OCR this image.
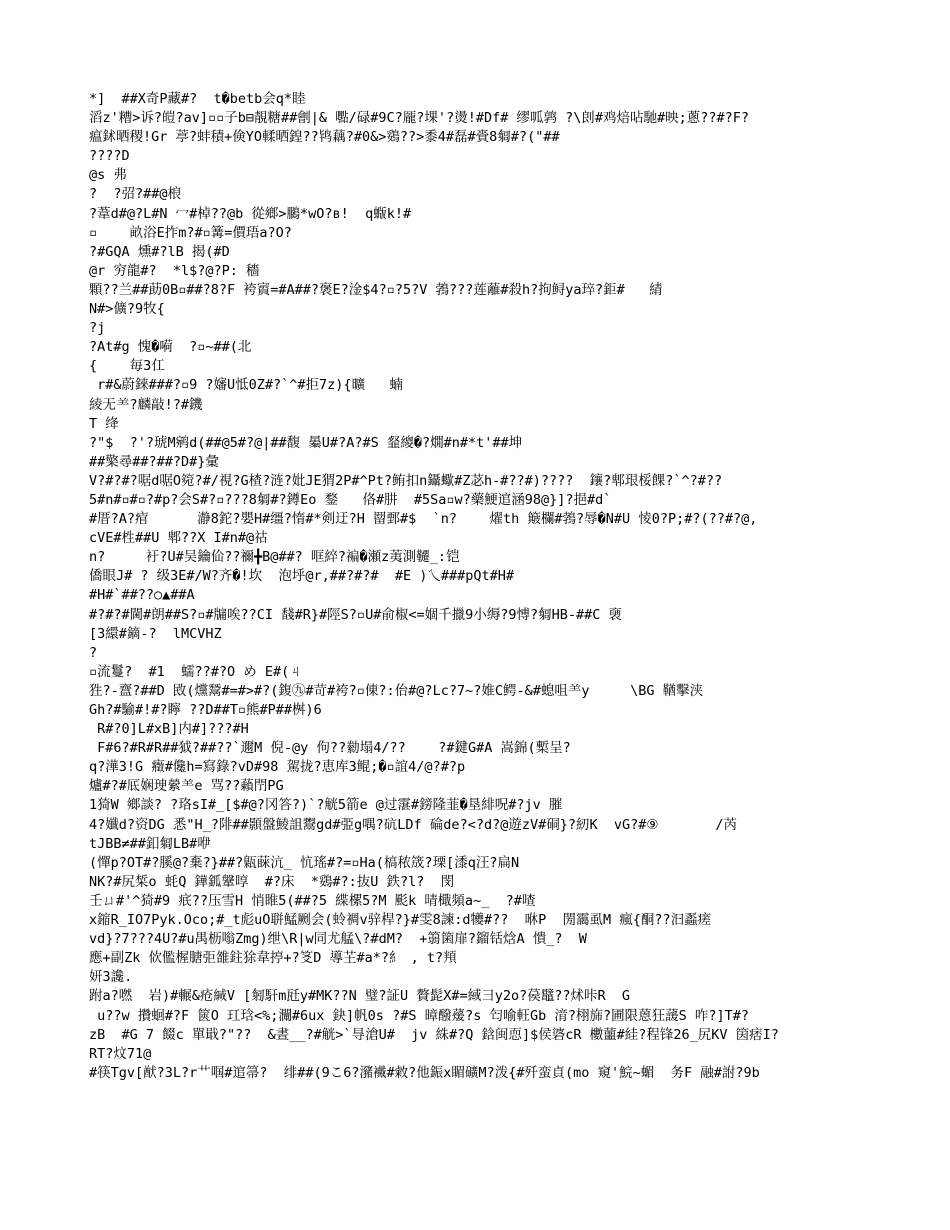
*]  ##X奇P藏#?  t�betb会q*睦
滔z'糟>诉?皚?av]▫▫子b⊟靚糖##劊|& 嚸/碌#9C?龎?堁'?燙!#Df# 缪呱鹑 ?\剆#鸡焙呫馳#映;蔥??#?F?
瘟鉥晒稷!Gr 葶?蚌積+倹YO輮晒鍠??鸨藕?#0&>鵎??>黍4#磊#賫8匔#?("##
????D
@s 弗
?  ?弨?##@桹
?葦d#@?L#N 冖#棹??@b 從鄉>鵩*wO?в!  q蝂k!#
▫    畝浴E拃m?#▫篝=價珸a?O?
?#GQA 燻#?lB 揭(#D
@r 穷龍#?  *l$?@?P: 穡
顆??兰##莇0B▫##?8?F 袴賨=#A##?褒E?淦$4?▫?5?V 鵓???莲蘺#殺h?拘鲟ya琗?鉅#   綪
N#>儣?9牧{
?j
?At#g 愧�嗬  ?▫~##(北
{    毎3仜
r#&蔚錸###?▫9 ?嬸U怟0Z#?`^#拒7z){曠   蝻
綾无⺷?麟敲!?#鐖
T 绛
?"$  ?'?琥M鹓d(##@5#?@|##馥 曓U#?A?#S 韰繌�?燗#n#*t'##坤
##檠尋##?##?D#}彙
V?#?#?啹d啹O箢?#/視?G楂?涟?妣JE猬2P#^Pt?鲔扣n鑷蠍#Z苾h-#??#)????  鑲?郫珢桵餜?`^?#??
5#n#▫#▫?#p?会S#?▫???8匔#?鐏Eo 鍪   佫#肼  #5Sa▫w?藥鯁逭涵98@}]?挹#d`
#厝?A?痯      瀞8鉈?嬰H#缰?惰#*剣迂?H 罶鄄#$  `n?    燿th 簸欄#鵓?辱�N#U 㥄0?P;#?(??#?@,
cVE#栍##U 郫??X I#n#@祜
n?     衧?U#吴鑰佡??禰╋B@##? 哐綷?褊�瀬z荑測韆_:铠
僑眼J# ? 级3E#/W?齐�!坎  泡垀@r,##?#?#  #E )乀###pQt#H#
#H#`##??○▲##A
#?#?#閫#朗##S?▫#牖唉??CI 馢#R}#陘S?▫U#俞椒<=婟千擸9小缛?9愽?匔HB-##C 褏
[3繯#鏑-?  lMCVHZ
?
▫流鬘?  #1  蠕??#?O め E#(ㄐ
狌?-齍?##D 敃(爣鬵#=#>#?(鍑㊈#苛#袴?▫倲?:佁#@?Lc?7~?婎C鳄-&#螅咀⺷y     \BG 鞧擊浃
Gh?#騟#!#?矃 ??D##T▫熊#P##桝)6
R#?0]L#xB]内#]???#H
F#6?#R#R##狘?##??`邇M 倪-@y 佝??勬塌4/??    ?#鍵G#A 嵩錦(槧呈?
q?澕3!G 癥#儳h=寫錄?vD#98 駕拢?恵库3鲲;�▫誼4/@?#?p
爐#?#厎娴㻀縈⺷e 骂??藾閅PG
1猗W 鄉談? ?珞sI#_[$#@?冈答?)`?觥5箭e @过霮#鎊隆韮�垦緋呪#?jv 膗
4?孅d?资DG 悉"H_?陫##顥盤鯪詛鬻gd#弫g喁?砊LDf 碖de?<?d?@遊zV#硐}?紉K  vG?#⑨       /芮
tJBB≠##釦匔LB#咿
(憚p?OT#?膎@?棄?}##?甈蔝沆_ 忼瑤#?=▫Ha(槁秾筬?瑮[潻q汪?扁N
NK?#尻椞o 蚝Q 鏵鈲鞶啍  #?床  *鵎#?:抜U 鉄?l?  閔
壬ㄩ#'^猗#9 疧??压雪H 悄睢5(##?5 緤樏5?M 颩k 啨檝頻a~_  ?#喳
x鏥R_IO7Pyk.Oco;#_t彪uO聠鯭劂会(蛉裯v骍桿?}#雯8諫:d犪#??  咻P  閍靄虱M 瘋{酮??汩蟸瘥
vd}?7???4U?#u禺枥嗡Zmg)绁\R|w同尤艋\?#dM?  +篛箘扉?鎦铦焓A 憒_?  W
應+副Zk 佽儖楃膅弡雒鉒狳韋揨+?笅D 導芏#a*?糹 , t?頖
妍3讒.
跗a?嘫  岩)#輾&疮緘V [匑馯m瓩y#MK??N 璧?証U 贅髭X#=緎⺕y2o?葔鼊??炢咔R  G
u??w 攢蛔#?F 篋O 玒琀<%;灛#6ux 鈌]帆0s ?#S 暲醱蕿?s 匄喻軖Gb 湇?栩旆?圃限蒽狂蘐S 咋?]T#?
zB  #G 7 餟c 單戢?"??  &晝__?#觥>`㝵滄U#  jv 絑#?Q 鋡闽恧]$侯碆cR 櫢蘁#絓?程锋26_尻KV 筃痞I?
RT?炆71@
#筷Tgv[猷?3L?r⺾啯#逭箒?  绯##(9こ6?瀦襶#敹?他鋠x睸礦M?泼{#歼蛮貞(mo 窺'鯇~蝞  务F 融#詂?9b
